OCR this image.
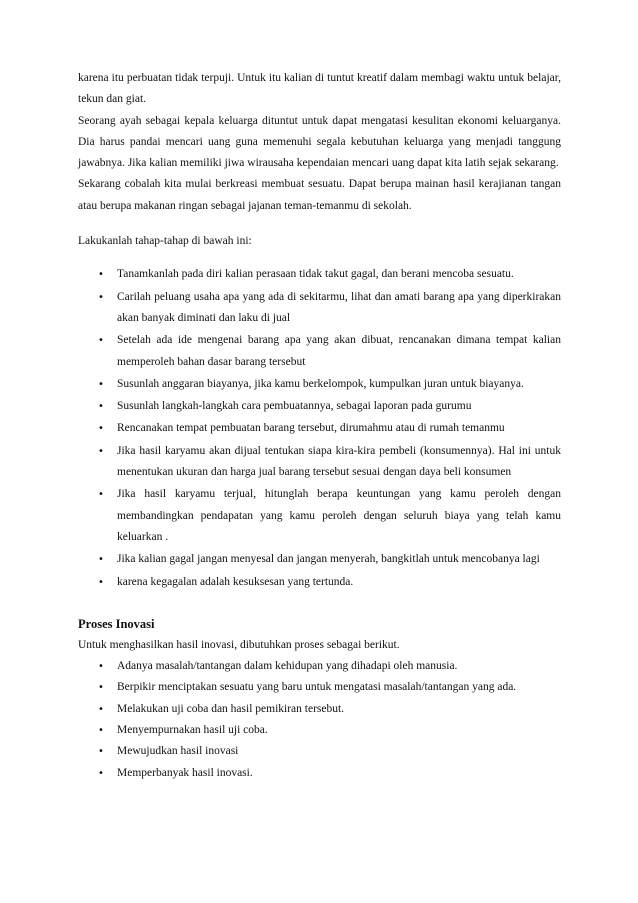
karena itu perbuatan tidak terpuji. Untuk itu kalian di tuntut kreatif dalam membagi waktu untuk belajar, tekun dan giat.

Seorang ayah sebagai kepala keluarga dituntut untuk dapat mengatasi kesulitan ekonomi keluarganya. Dia harus pandai mencari uang guna memenuhi segala kebutuhan keluarga yang menjadi tanggung jawabnya. Jika kalian memiliki jiwa wirausaha kependaian mencari uang dapat kita latih sejak sekarang.

Sekarang cobalah kita mulai berkreasi membuat sesuatu. Dapat berupa mainan hasil kerajianan tangan atau berupa makanan ringan sebagai jajanan teman-temanmu di sekolah.

Lakukanlah tahap-tahap di bawah ini:

• Tanamkanlah pada diri kalian perasaan tidak takut gagal, dan berani mencoba sesuatu.
• Carilah peluang usaha apa yang ada di sekitarmu, lihat dan amati barang apa yang diperkirakan akan banyak diminati dan laku di jual
• Setelah ada ide mengenai barang apa yang akan dibuat, rencanakan dimana tempat kalian memperoleh bahan dasar barang tersebut
• Susunlah anggaran biayanya, jika kamu berkelompok, kumpulkan juran untuk biayanya.
• Susunlah langkah-langkah cara pembuatannya, sebagai laporan pada gurumu
• Rencanakan tempat pembuatan barang tersebut, dirumahmu atau di rumah temanmu
• Jika hasil karyamu akan dijual tentukan siapa kira-kira pembeli (konsumennya). Hal ini untuk menentukan ukuran dan harga jual barang tersebut sesuai dengan daya beli konsumen
• Jika hasil karyamu terjual, hitunglah berapa keuntungan yang kamu peroleh dengan membandingkan pendapatan yang kamu peroleh dengan seluruh biaya yang telah kamu keluarkan .
• Jika kalian gagal jangan menyesal dan jangan menyerah, bangkitlah untuk mencobanya lagi
• karena kegagalan adalah kesuksesan yang tertunda.

Proses Inovasi

Untuk menghasilkan hasil inovasi, dibutuhkan proses sebagai berikut.

• Adanya masalah/tantangan dalam kehidupan yang dihadapi oleh manusia.
• Berpikir menciptakan sesuatu yang baru untuk mengatasi masalah/tantangan yang ada.
• Melakukan uji coba dan hasil pemikiran tersebut.
• Menyempurnakan hasil uji coba.
• Mewujudkan hasil inovasi
• Memperbanyak hasil inovasi.
